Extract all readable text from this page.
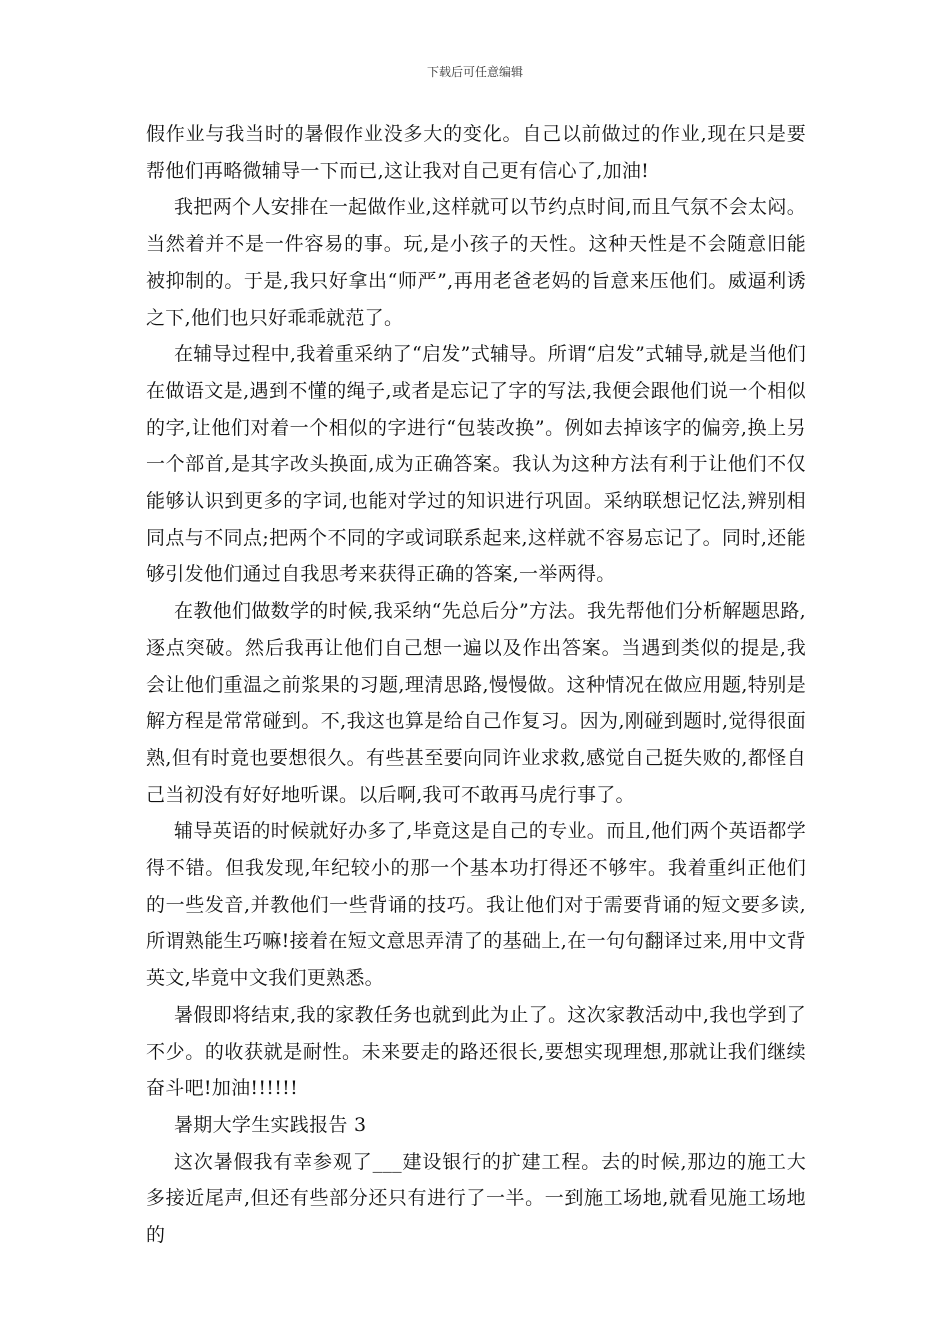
下载后可任意编辑

假作业与我当时的暑假作业没多大的变化。自己以前做过的作业,现在只是要帮他们再略微辅导一下而已,这让我对自己更有信心了,加油!

我把两个人安排在一起做作业,这样就可以节约点时间,而且气氛不会太闷。当然着并不是一件容易的事。玩,是小孩子的天性。这种天性是不会随意旧能被抑制的。于是,我只好拿出“师严”,再用老爸老妈的旨意来压他们。威逼利诱之下,他们也只好乖乖就范了。

在辅导过程中,我着重采纳了“启发”式辅导。所谓“启发”式辅导,就是当他们在做语文是,遇到不懂的绳子,或者是忘记了字的写法,我便会跟他们说一个相似的字,让他们对着一个相似的字进行“包装改换”。例如去掉该字的偏旁,换上另一个部首,是其字改头换面,成为正确答案。我认为这种方法有利于让他们不仅能够认识到更多的字词,也能对学过的知识进行巩固。采纳联想记忆法,辨别相同点与不同点;把两个不同的字或词联系起来,这样就不容易忘记了。同时,还能够引发他们通过自我思考来获得正确的答案,一举两得。

在教他们做数学的时候,我采纳“先总后分”方法。我先帮他们分析解题思路,逐点突破。然后我再让他们自己想一遍以及作出答案。当遇到类似的提是,我会让他们重温之前浆果的习题,理清思路,慢慢做。这种情况在做应用题,特别是解方程是常常碰到。不,我这也算是给自己作复习。因为,刚碰到题时,觉得很面熟,但有时竟也要想很久。有些甚至要向同许业求救,感觉自己挺失败的,都怪自己当初没有好好地听课。以后啊,我可不敢再马虎行事了。

辅导英语的时候就好办多了,毕竟这是自己的专业。而且,他们两个英语都学得不错。但我发现,年纪较小的那一个基本功打得还不够牢。我着重纠正他们的一些发音,并教他们一些背诵的技巧。我让他们对于需要背诵的短文要多读,所谓熟能生巧嘛!接着在短文意思弄清了的基础上,在一句句翻译过来,用中文背英文,毕竟中文我们更熟悉。

暑假即将结束,我的家教任务也就到此为止了。这次家教活动中,我也学到了不少。的收获就是耐性。未来要走的路还很长,要想实现理想,那就让我们继续奋斗吧!加油!!!!!!

暑期大学生实践报告 3

这次暑假我有幸参观了___建设银行的扩建工程。去的时候,那边的施工大多接近尾声,但还有些部分还只有进行了一半。一到施工场地,就看见施工场地的
